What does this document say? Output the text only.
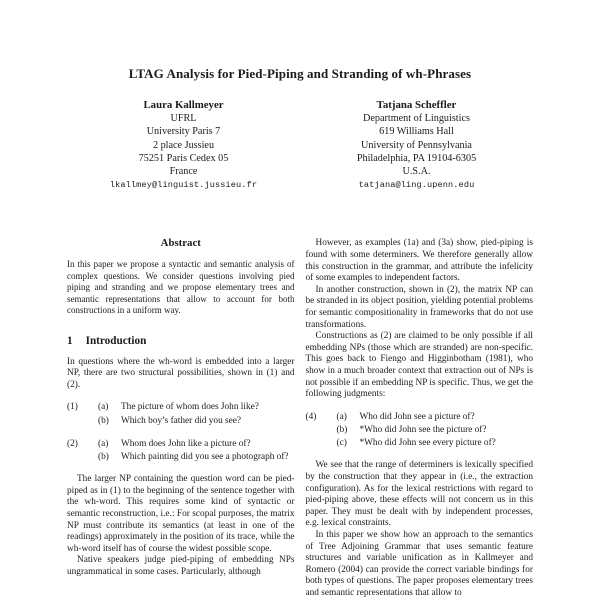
LTAG Analysis for Pied-Piping and Stranding of wh-Phrases
Laura Kallmeyer
UFRL
University Paris 7
2 place Jussieu
75251 Paris Cedex 05
France
lkallmey@linguist.jussieu.fr
Tatjana Scheffler
Department of Linguistics
619 Williams Hall
University of Pennsylvania
Philadelphia, PA 19104-6305
U.S.A.
tatjana@ling.upenn.edu
Abstract

In this paper we propose a syntactic and semantic analysis of complex questions. We consider questions involving pied piping and stranding and we propose elementary trees and semantic representations that allow to account for both constructions in a uniform way.

1 Introduction

In questions where the wh-word is embedded into a larger NP, there are two structural possibilities, shown in (1) and (2).

(1)	(a)	The picture of whom does John like?
(b)	Which boy’s father did you see?
(2)	(a)	Whom does John like a picture of?
(b)	Which painting did you see a photograph of?

The larger NP containing the question word can be pied-piped as in (1) to the beginning of the sentence together with the wh-word. This requires some kind of syntactic or semantic reconstruction, i.e.: For scopal purposes, the matrix NP must contribute its semantics (at least in one of the readings) approximately in the position of its trace, while the wh-word itself has of course the widest possible scope.

Native speakers judge pied-piping of embedding NPs ungrammatical in some cases. Particularly, although

However, as examples (1a) and (3a) show, pied-piping is found with some determiners. We therefore generally allow this construction in the grammar, and attribute the infelicity of some examples to independent factors.

In another construction, shown in (2), the matrix NP can be stranded in its object position, yielding potential problems for semantic compositionality in frameworks that do not use transformations.

Constructions as (2) are claimed to be only possible if all embedding NPs (those which are stranded) are non-specific. This goes back to Fiengo and Higginbotham (1981), who show in a much broader context that extraction out of NPs is not possible if an embedding NP is specific. Thus, we get the following judgments:

(4)	(a)	Who did John see a picture of?
(b)	*Who did John see the picture of?
(c)	*Who did John see every picture of?

We see that the range of determiners is lexically specified by the construction that they appear in (i.e., the extraction configuration). As for the lexical restrictions with regard to pied-piping above, these effects will not concern us in this paper. They must be dealt with by independent processes, e.g. lexical constraints.

In this paper we show how an approach to the semantics of Tree Adjoining Grammar that uses semantic feature structures and variable unification as in Kallmeyer and Romero (2004) can provide the correct variable bindings for both types of questions. The paper proposes elementary trees and semantic representations that allow to
